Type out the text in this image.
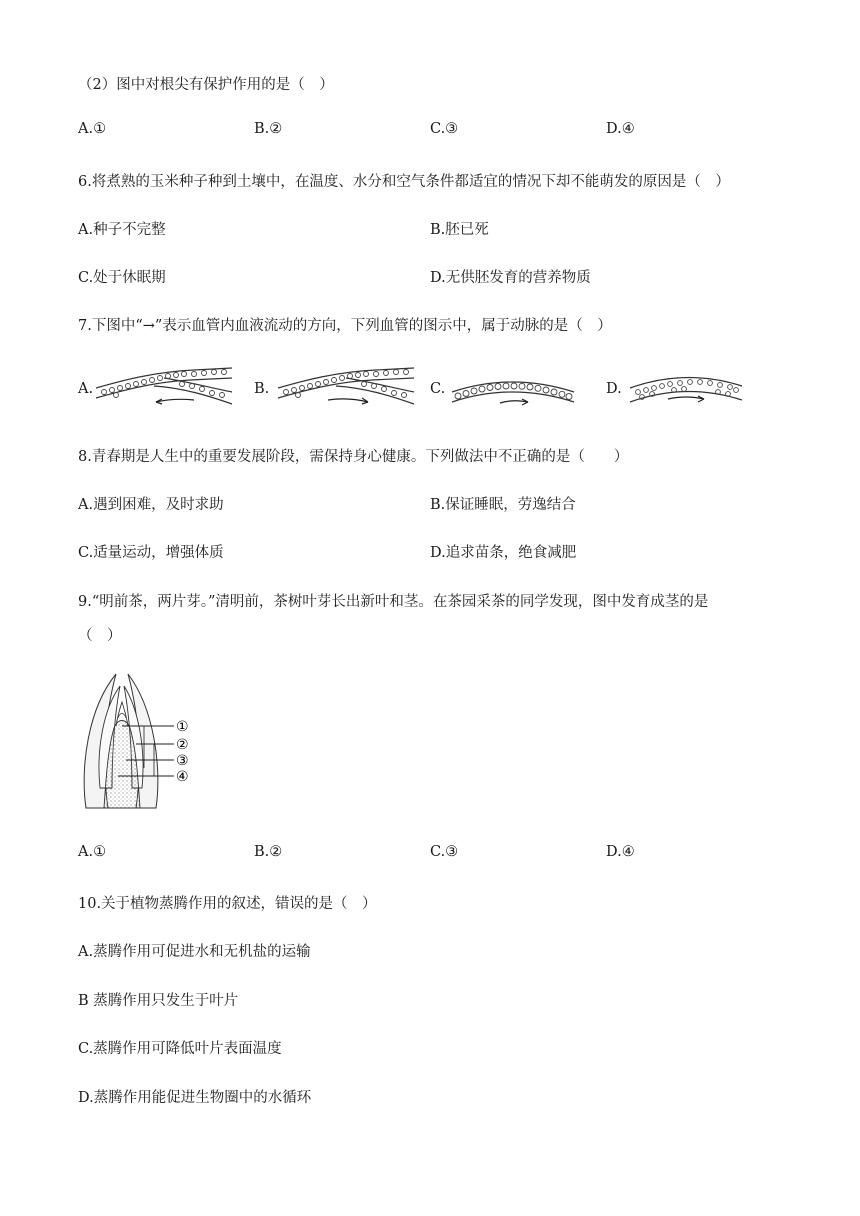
（2）图中对根尖有保护作用的是（　）
A.①	B.②	C.③	D.④
6.将煮熟的玉米种子种到土壤中，在温度、水分和空气条件都适宜的情况下却不能萌发的原因是（　）
A.种子不完整	B.胚已死
C.处于休眠期	D.无供胚发育的营养物质
7.下图中“→”表示血管内血液流动的方向，下列血管的图示中，属于动脉的是（　）
A.	B.	C.	D.
8.青春期是人生中的重要发展阶段，需保持身心健康。下列做法中不正确的是（　　）
A.遇到困难，及时求助	B.保证睡眠，劳逸结合
C.适量运动，增强体质	D.追求苗条，绝食减肥
9.“明前茶，两片芽。”清明前，茶树叶芽长出新叶和茎。在茶园采茶的同学发现，图中发育成茎的是
（　）
①
②
③
④
A.①	B.②	C.③	D.④
10.关于植物蒸腾作用的叙述，错误的是（　）
A.蒸腾作用可促进水和无机盐的运输
B 蒸腾作用只发生于叶片
C.蒸腾作用可降低叶片表面温度
D.蒸腾作用能促进生物圈中的水循环
